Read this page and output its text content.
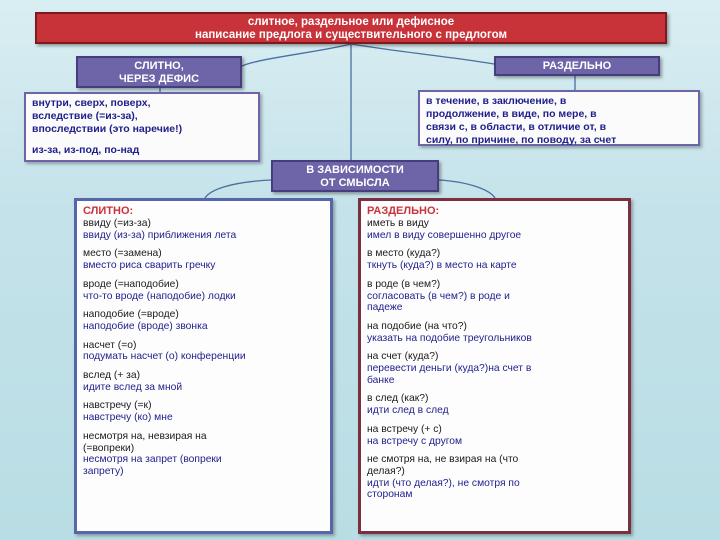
слитное, раздельное или дефисное
написание предлога и существительного с предлогом
СЛИТНО,
ЧЕРЕЗ ДЕФИС
РАЗДЕЛЬНО
внутри, сверх, поверх,
вследствие (=из-за),
впоследствии (это наречие!)
из-за, из-под, по-над
в течение, в заключение, в
продолжение, в виде, по мере, в
связи с, в области, в отличие от, в
силу, по причине, по поводу, за счет
В ЗАВИСИМОСТИ
ОТ СМЫСЛА
СЛИТНО:
ввиду (=из-за)
ввиду (из-за) приближения лета
место (=замена)
вместо риса сварить гречку
вроде (=наподобие)
что-то вроде (наподобие) лодки
наподобие (=вроде)
наподобие (вроде) звонка
насчет (=о)
подумать насчет (о) конференции
вслед (+ за)
идите вслед за мной
навстречу (=к)
навстречу (ко) мне
несмотря на, невзирая на
(=вопреки)
несмотря на запрет (вопреки
запрету)
РАЗДЕЛЬНО:
иметь в виду
имел в виду совершенно другое
в место (куда?)
ткнуть (куда?) в место на карте
в роде (в чем?)
согласовать (в чем?) в роде и
падеже
на подобие (на что?)
указать на подобие треугольников
на счет (куда?)
перевести деньги (куда?)на счет в
банке
в след (как?)
идти след в след
на встречу (+ с)
на встречу с другом
не смотря на, не взирая на (что
делая?)
идти (что делая?), не смотря по
сторонам
